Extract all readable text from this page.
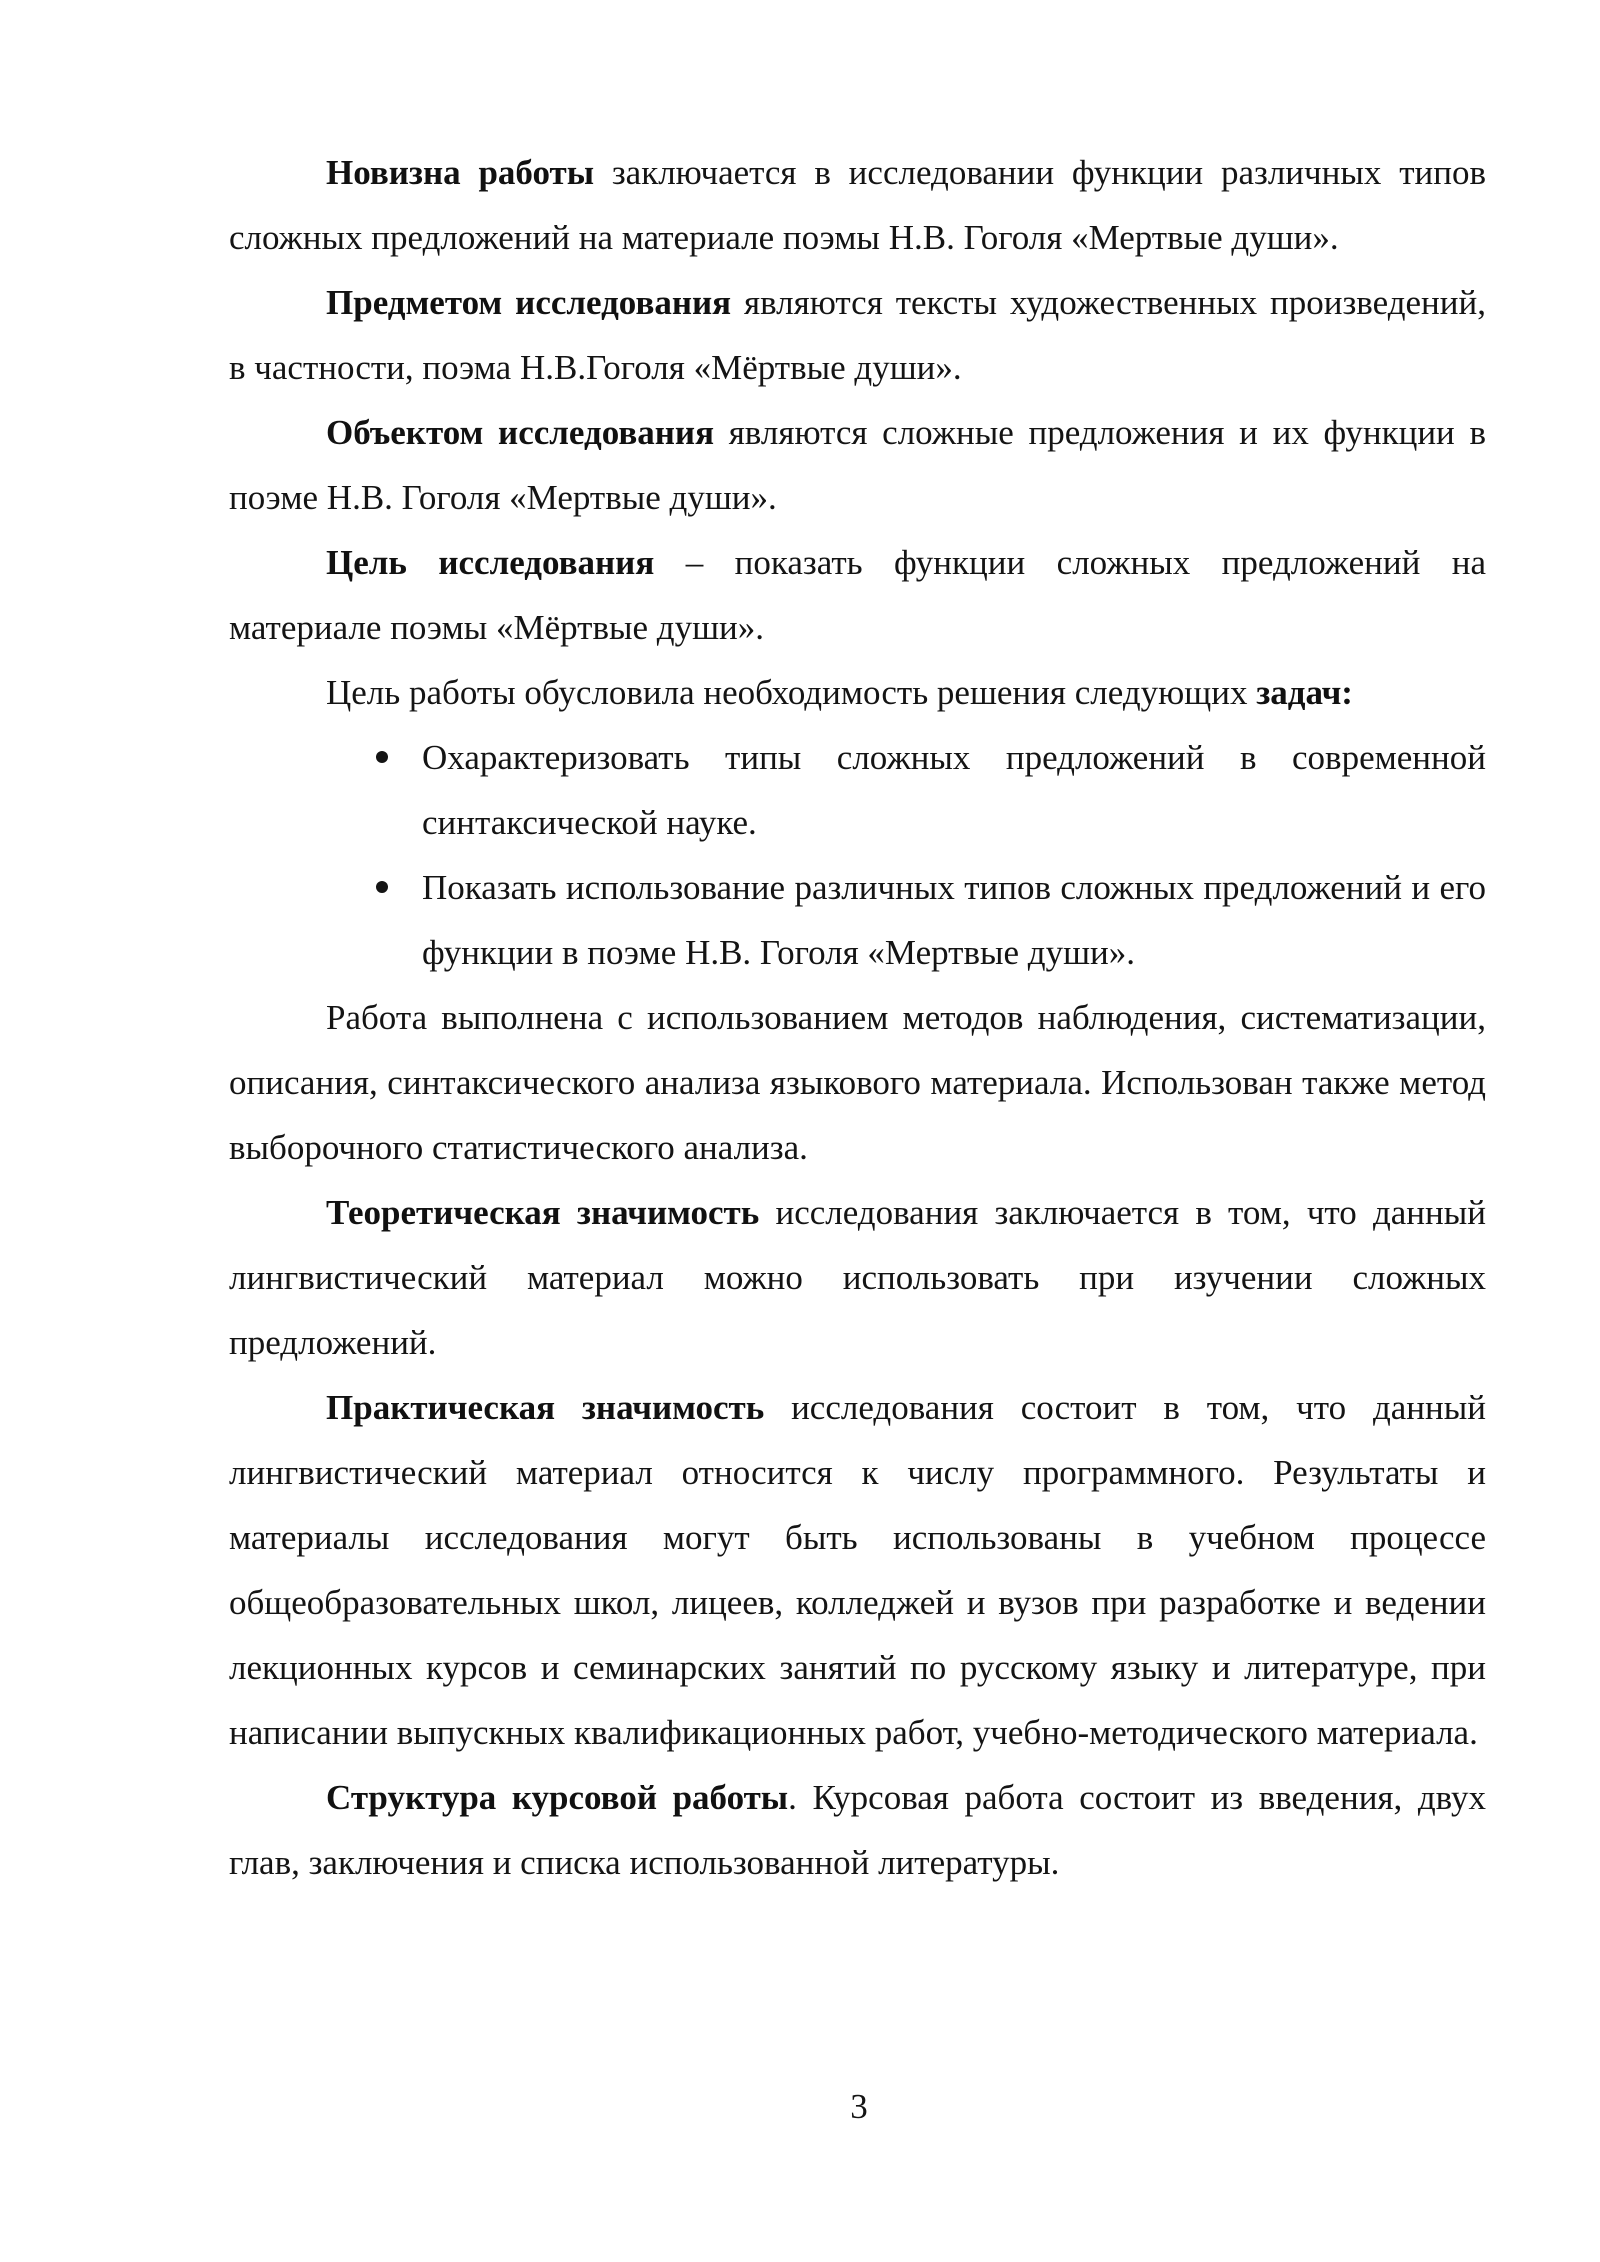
Новизна работы заключается в исследовании функции различных типов сложных предложений на материале поэмы Н.В. Гоголя «Мертвые души».

Предметом исследования являются тексты художественных произведений, в частности, поэма Н.В.Гоголя «Мёртвые души».

Объектом исследования являются сложные предложения и их функции в поэме Н.В. Гоголя «Мертвые души».

Цель исследования – показать функции сложных предложений на материале поэмы «Мёртвые души».

Цель работы обусловила необходимость решения следующих задач:

Охарактеризовать типы сложных предложений в современной синтаксической науке.
Показать использование различных типов сложных предложений и его функции в поэме Н.В. Гоголя «Мертвые души».

Работа выполнена с использованием методов наблюдения, систематизации, описания, синтаксического анализа языкового материала. Использован также метод выборочного статистического анализа.

Теоретическая значимость исследования заключается в том, что данный лингвистический материал можно использовать при изучении сложных предложений.

Практическая значимость исследования состоит в том, что данный лингвистический материал относится к числу программного. Результаты и материалы исследования могут быть использованы в учебном процессе общеобразовательных школ, лицеев, колледжей и вузов при разработке и ведении лекционных курсов и семинарских занятий по русскому языку и литературе, при написании выпускных квалификационных работ, учебно-методического материала.

Структура курсовой работы. Курсовая работа состоит из введения, двух глав, заключения и списка использованной литературы.

3
